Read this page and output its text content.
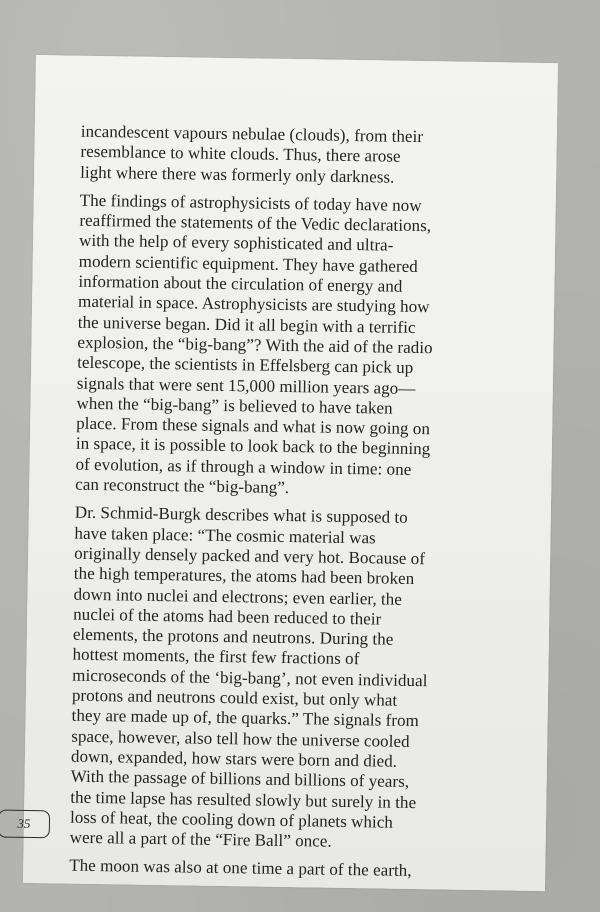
incandescent vapours nebulae (clouds), from their
resemblance to white clouds. Thus, there arose
light where there was formerly only darkness.

The findings of astrophysicists of today have now
reaffirmed the statements of the Vedic declarations,
with the help of every sophisticated and ultra-
modern scientific equipment. They have gathered
information about the circulation of energy and
material in space. Astrophysicists are studying how
the universe began. Did it all begin with a terrific
explosion, the “big-bang”? With the aid of the radio
telescope, the scientists in Effelsberg can pick up
signals that were sent 15,000 million years ago—
when the “big-bang” is believed to have taken
place. From these signals and what is now going on
in space, it is possible to look back to the beginning
of evolution, as if through a window in time: one
can reconstruct the “big-bang”.

Dr. Schmid-Burgk describes what is supposed to
have taken place: “The cosmic material was
originally densely packed and very hot. Bocause of
the high temperatures, the atoms had been broken
down into nuclei and electrons; even earlier, the
nuclei of the atoms had been reduced to their
elements, the protons and neutrons. During the
hottest moments, the first few fractions of
microseconds of the ‘big-bang’, not even individual
protons and neutrons could exist, but only what
they are made up of, the quarks.” The signals from
space, however, also tell how the universe cooled
down, expanded, how stars were born and died.
With the passage of billions and billions of years,
the time lapse has resulted slowly but surely in the
loss of heat, the cooling down of planets which
were all a part of the “Fire Ball” once.

The moon was also at one time a part of the earth,

35
